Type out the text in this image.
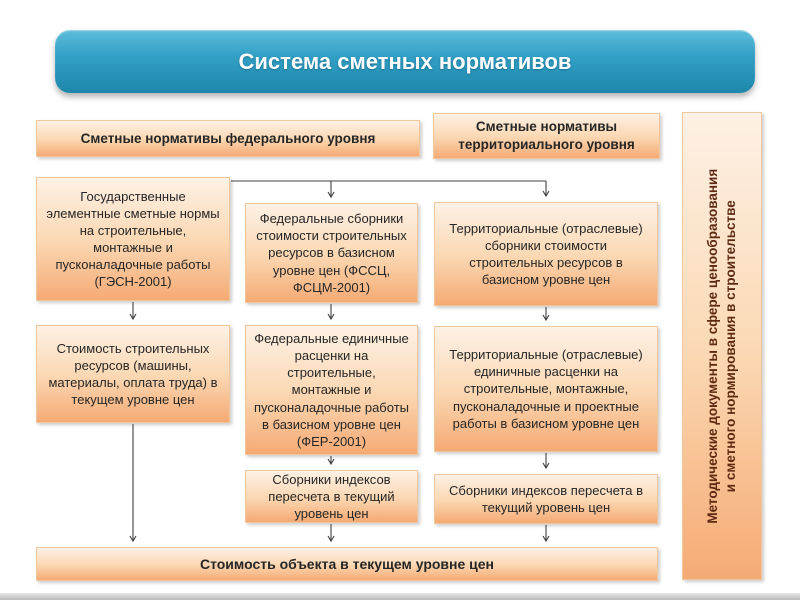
Система сметных нормативов
Сметные нормативы федерального уровня
Сметные нормативы территориального уровня
Государственные элементные сметные нормы на строительные, монтажные и пусконаладочные работы (ГЭСН-2001)
Стоимость строительных ресурсов (машины, материалы, оплата труда) в текущем уровне цен
Федеральные сборники стоимости строительных ресурсов в базисном уровне цен (ФССЦ, ФСЦМ-2001)
Федеральные единичные расценки на строительные, монтажные и пусконаладочные работы в базисном уровне цен (ФЕР-2001)
Сборники индексов пересчета в текущий уровень цен
Территориальные (отраслевые) сборники стоимости строительных ресурсов в базисном уровне цен
Территориальные (отраслевые) единичные расценки на строительные, монтажные, пусконаладочные и проектные работы в базисном уровне цен
Сборники индексов пересчета в текущий уровень цен
Стоимость объекта в текущем уровне цен
Методические документы в сфере ценообразования и сметного нормирования в строительстве
